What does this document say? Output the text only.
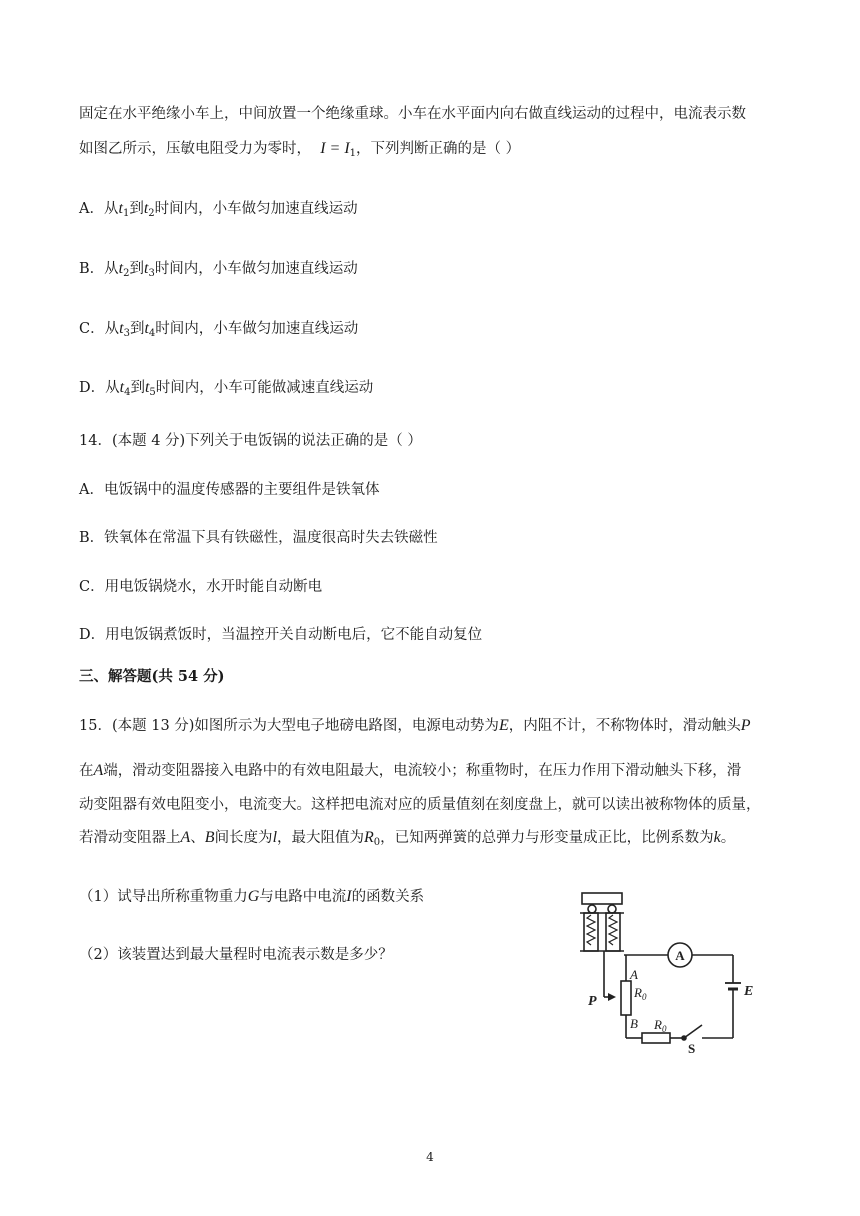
固定在水平绝缘小车上，中间放置一个绝缘重球。小车在水平面内向右做直线运动的过程中，电流表示数
如图乙所示，压敏电阻受力为零时， $I = I_1$，下列判断正确的是（ ）
A．从$t_1$到$t_2$时间内，小车做匀加速直线运动
B．从$t_2$到$t_3$时间内，小车做匀加速直线运动
C．从$t_3$到$t_4$时间内，小车做匀加速直线运动
D．从$t_4$到$t_5$时间内，小车可能做减速直线运动
14．(本题 4 分)下列关于电饭锅的说法正确的是（ ）
A．电饭锅中的温度传感器的主要组件是铁氧体
B．铁氧体在常温下具有铁磁性，温度很高时失去铁磁性
C．用电饭锅烧水，水开时能自动断电
D．用电饭锅煮饭时，当温控开关自动断电后，它不能自动复位
三、解答题(共 54 分)
15．(本题 13 分)如图所示为大型电子地磅电路图，电源电动势为E，内阻不计，不称物体时，滑动触头P
在A端，滑动变阻器接入电路中的有效电阻最大，电流较小；称重物时，在压力作用下滑动触头下移，滑
动变阻器有效电阻变小，电流变大。这样把电流对应的质量值刻在刻度盘上，就可以读出被称物体的质量，
若滑动变阻器上A、B间长度为l，最大阻值为$R_0$，已知两弹簧的总弹力与形变量成正比，比例系数为k。
（1）试导出所称重物重力G与电路中电流I的函数关系
（2）该装置达到最大量程时电流表示数是多少？	A
E
P
A
$R_0$
B $R_0$
S
4
